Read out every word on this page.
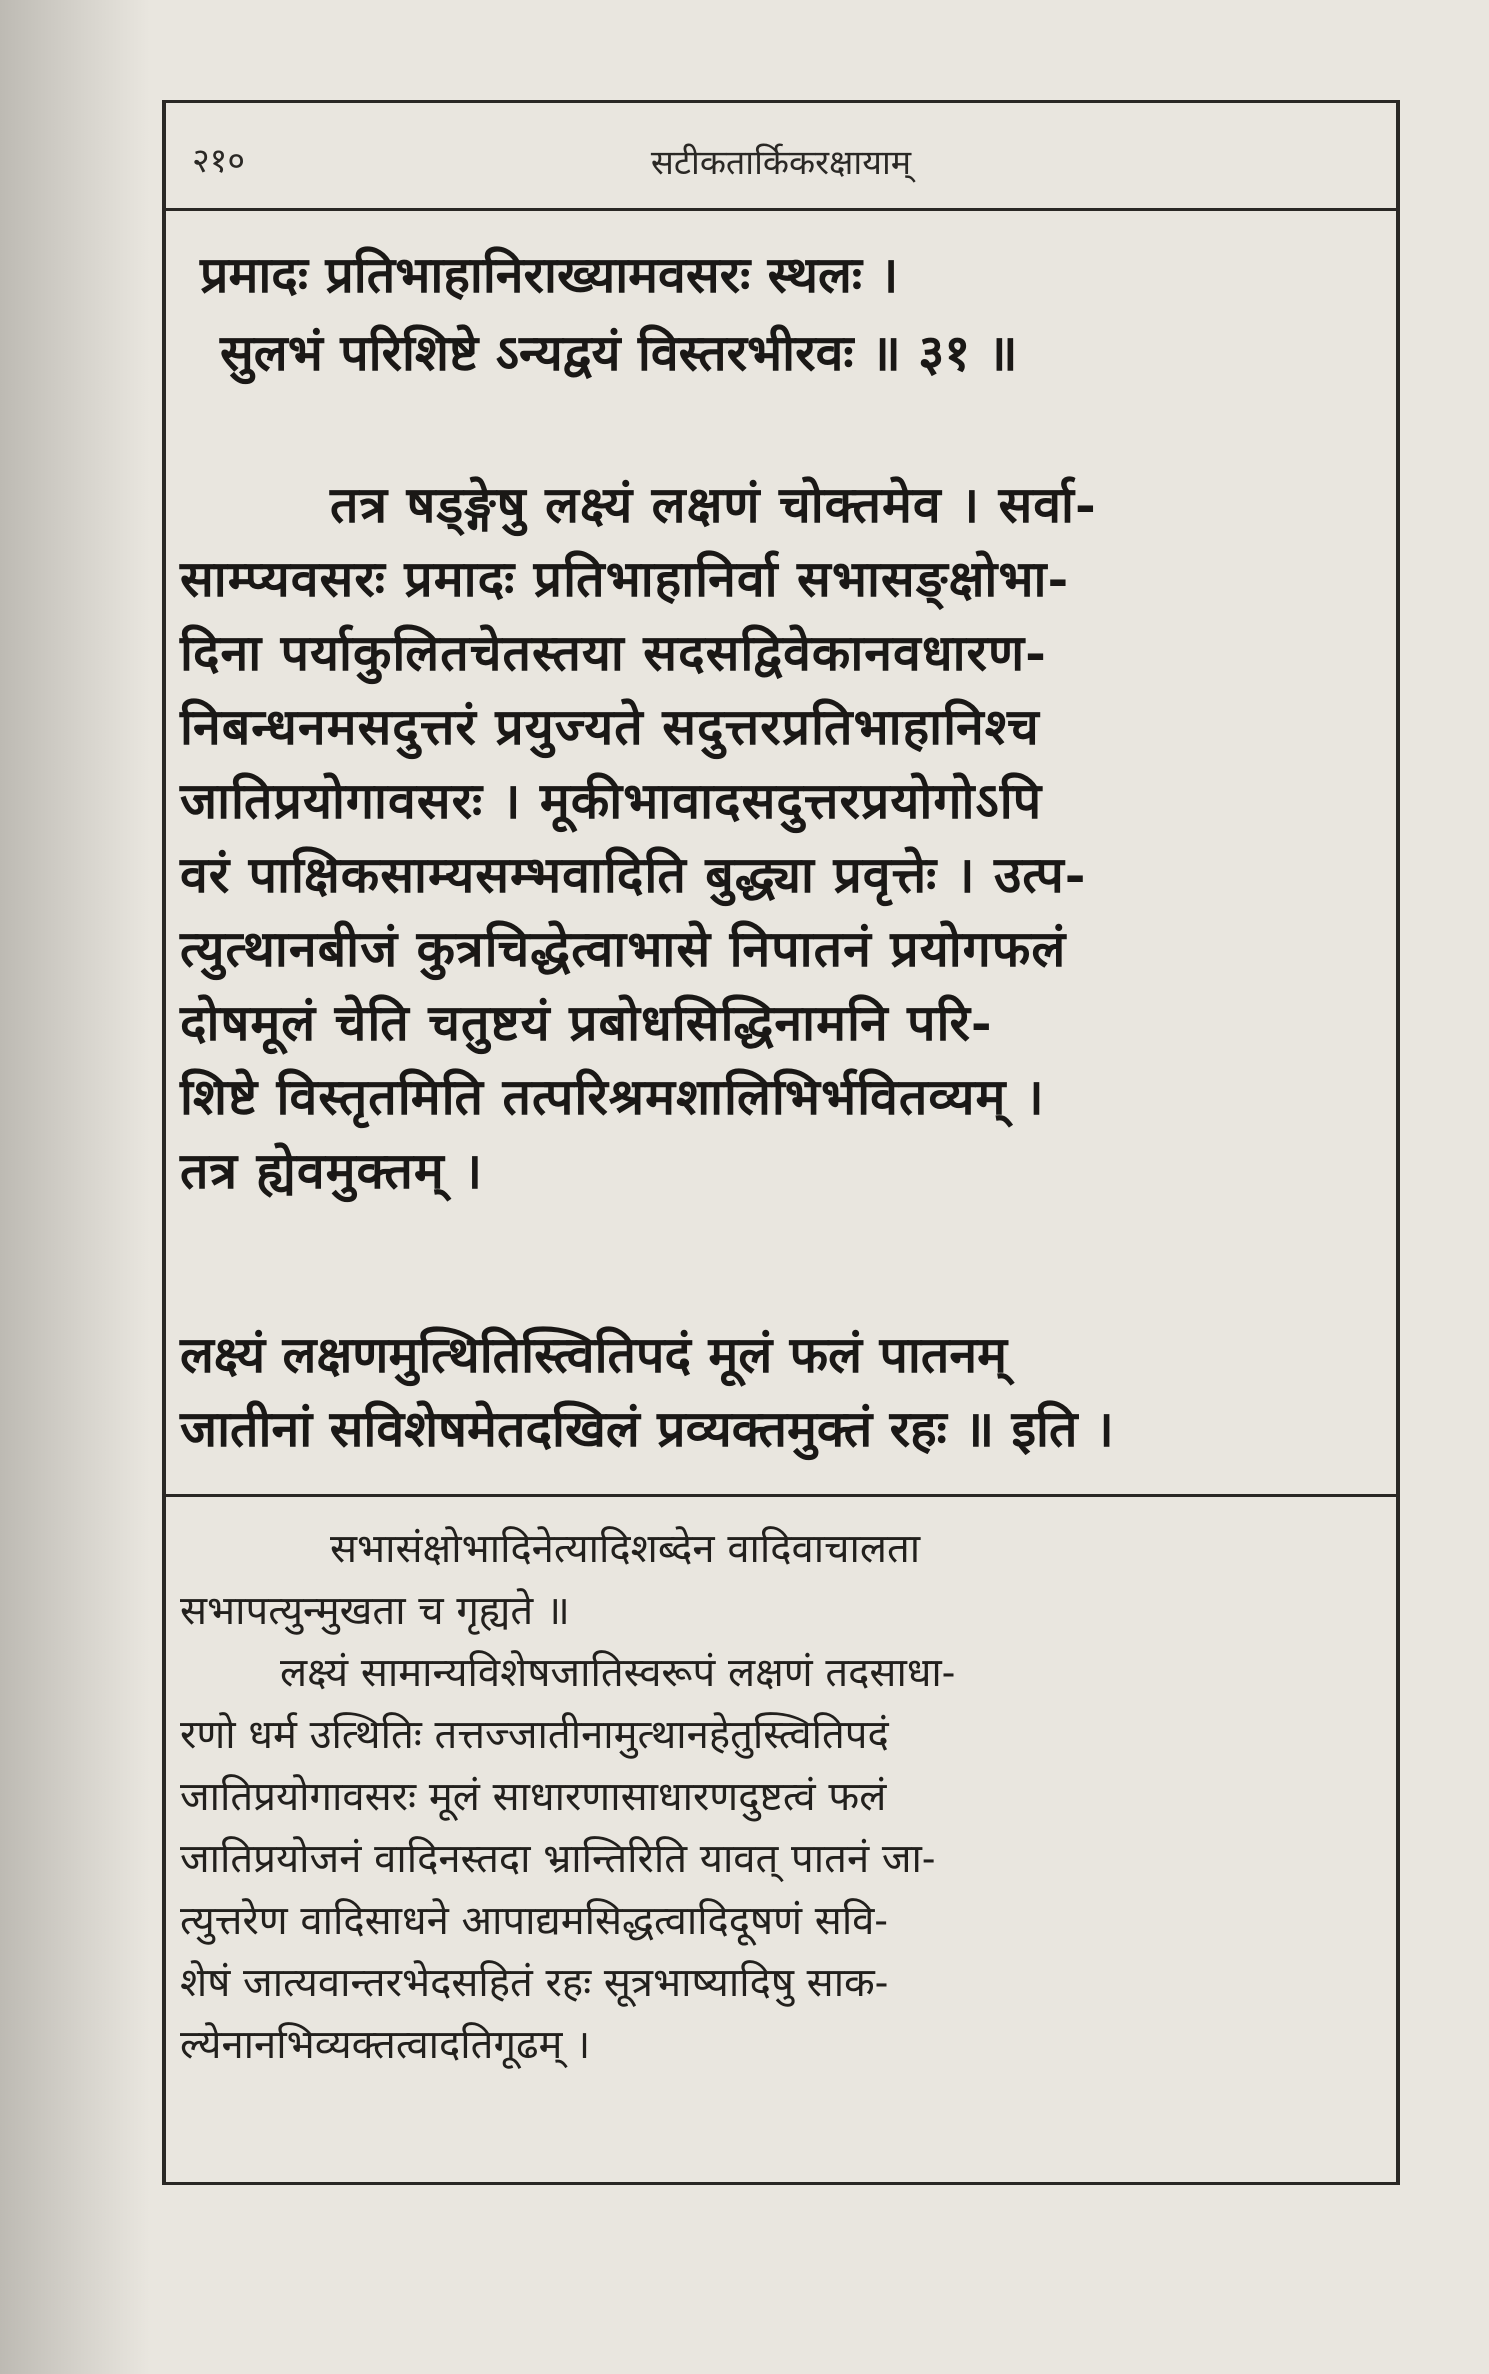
२१०	सटीकतार्किकरक्षायाम्
प्रमादः प्रतिभाहानिराख्यामवसरः स्थलः ।
सुलभं परिशिष्टे ऽन्यद्वयं विस्तरभीरवः ॥ ३१ ॥
तत्र षड्ङ्गेषु लक्ष्यं लक्षणं चोक्तमेव । सर्वा-
साम्प्यवसरः प्रमादः प्रतिभाहानिर्वा सभासङ्क्षोभा-
दिना पर्याकुलितचेतस्तया सदसद्विवेकानवधारण-
निबन्धनमसदुत्तरं प्रयुज्यते सदुत्तरप्रतिभाहानिश्च
जातिप्रयोगावसरः । मूकीभावादसदुत्तरप्रयोगोऽपि
वरं पाक्षिकसाम्यसम्भवादिति बुद्ध्या प्रवृत्तेः । उत्प-
त्युत्थानबीजं कुत्रचिद्धेत्वाभासे निपातनं प्रयोगफलं
दोषमूलं चेति चतुष्टयं प्रबोधसिद्धिनामनि परि-
शिष्टे विस्तृतमिति तत्परिश्रमशालिभिर्भवितव्यम् ।
तत्र ह्येवमुक्तम् ।
लक्ष्यं लक्षणमुत्थितिस्त्वितिपदं मूलं फलं पातनम्
जातीनां सविशेषमेतदखिलं प्रव्यक्तमुक्तं रहः ॥ इति ।
सभासंक्षोभादिनेत्यादिशब्देन वादिवाचालता
सभापत्युन्मुखता च गृह्यते ॥
लक्ष्यं सामान्यविशेषजातिस्वरूपं लक्षणं तदसाधा-
रणो धर्म उत्थितिः तत्तज्जातीनामुत्थानहेतुस्त्वितिपदं
जातिप्रयोगावसरः मूलं साधारणासाधारणदुष्टत्वं फलं
जातिप्रयोजनं वादिनस्तदा भ्रान्तिरिति यावत् पातनं जा-
त्युत्तरेण वादिसाधने आपाद्यमसिद्धत्वादिदूषणं सवि-
शेषं जात्यवान्तरभेदसहितं रहः सूत्रभाष्यादिषु साक-
ल्येनानभिव्यक्तत्वादतिगूढम् ।
